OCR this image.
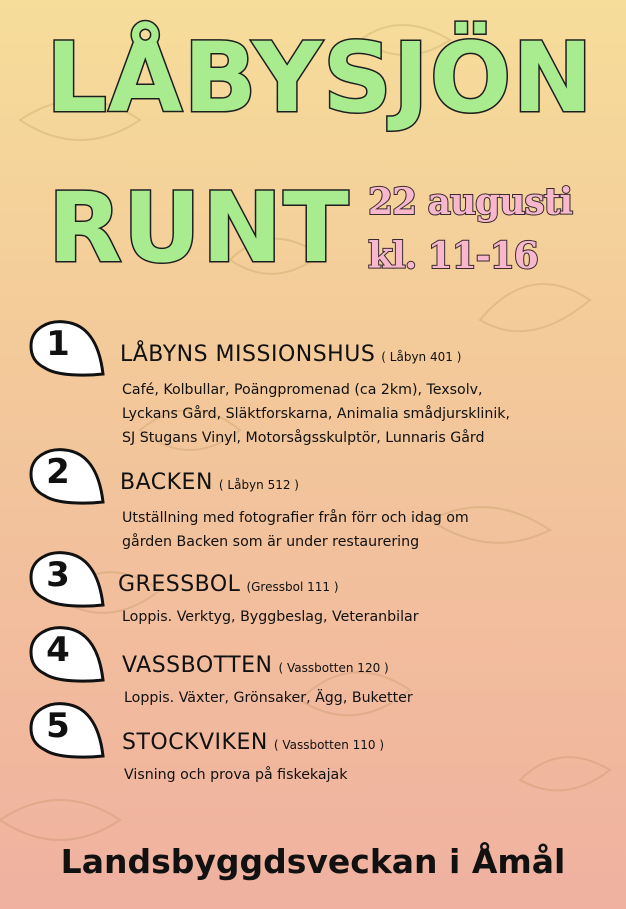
LÅBYSJÖN
RUNT 22 augusti
kl. 11-16
1	LÅBYNS MISSIONSHUS ( Låbyn 401 )
Café, Kolbullar, Poängpromenad (ca 2km), Texsolv,
Lyckans Gård, Släktforskarna, Animalia smådjursklinik,
SJ Stugans Vinyl, Motorsågsskulptör, Lunnaris Gård
2	BACKEN ( Låbyn 512 )
Utställning med fotografier från förr och idag om
gården Backen som är under restaurering
3	GRESSBOL (Gressbol 111 )
Loppis. Verktyg, Byggbeslag, Veteranbilar
4	VASSBOTTEN ( Vassbotten 120 )
Loppis. Växter, Grönsaker, Ägg, Buketter
5	STOCKVIKEN ( Vassbotten 110 )
Visning och prova på fiskekajak
Landsbyggdsveckan i Åmål
